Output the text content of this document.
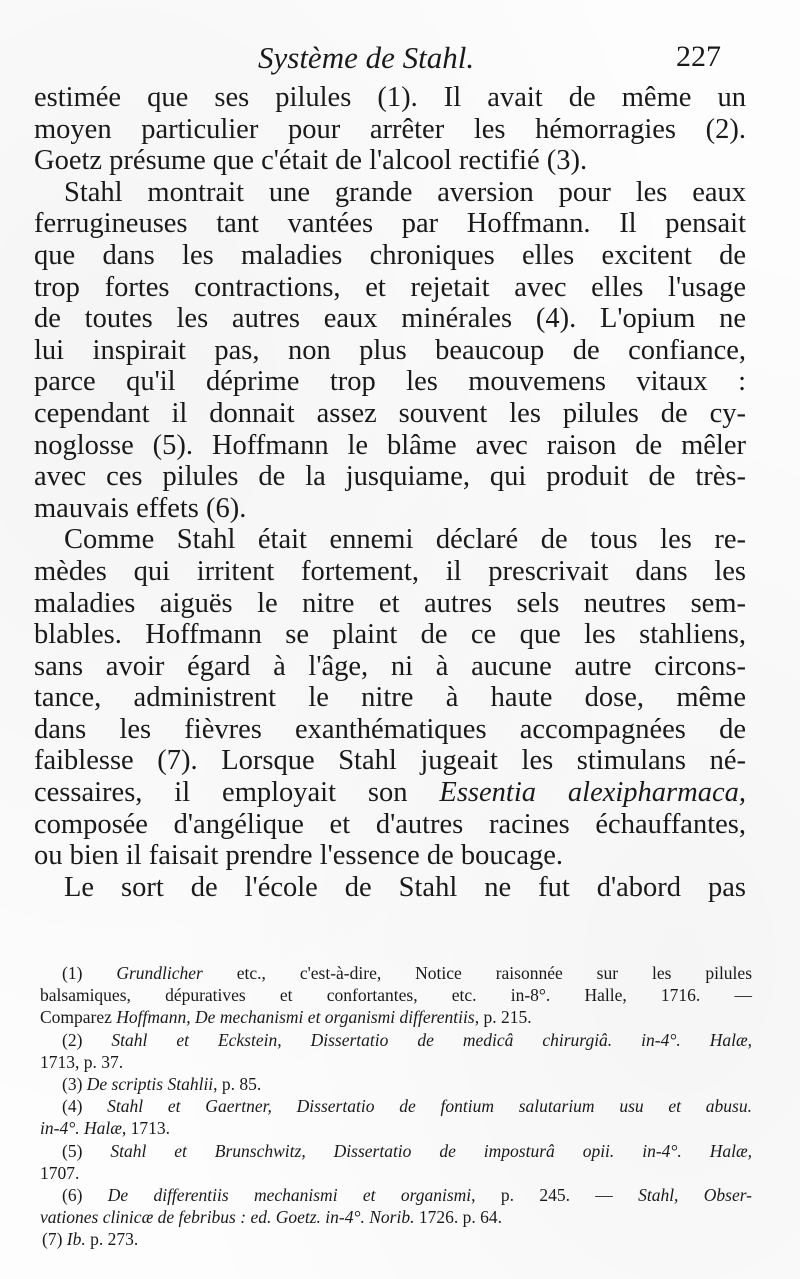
Système de Stahl.	227
estimée que ses pilules (1). Il avait de même un
moyen particulier pour arrêter les hémorragies (2).
Goetz présume que c'était de l'alcool rectifié (3).
Stahl montrait une grande aversion pour les eaux
ferrugineuses tant vantées par Hoffmann. Il pensait
que dans les maladies chroniques elles excitent de
trop fortes contractions, et rejetait avec elles l'usage
de toutes les autres eaux minérales (4). L'opium ne
lui inspirait pas, non plus beaucoup de confiance,
parce qu'il déprime trop les mouvemens vitaux :
cependant il donnait assez souvent les pilules de cy-
noglosse (5). Hoffmann le blâme avec raison de mêler
avec ces pilules de la jusquiame, qui produit de très-
mauvais effets (6).
Comme Stahl était ennemi déclaré de tous les re-
mèdes qui irritent fortement, il prescrivait dans les
maladies aiguës le nitre et autres sels neutres sem-
blables. Hoffmann se plaint de ce que les stahliens,
sans avoir égard à l'âge, ni à aucune autre circons-
tance, administrent le nitre à haute dose, même
dans les fièvres exanthématiques accompagnées de
faiblesse (7). Lorsque Stahl jugeait les stimulans né-
cessaires, il employait son Essentia alexipharmaca,
composée d'angélique et d'autres racines échauffantes,
ou bien il faisait prendre l'essence de boucage.
Le sort de l'école de Stahl ne fut d'abord pas
(1) Grundlicher etc., c'est-à-dire, Notice raisonnée sur les pilules
balsamiques, dépuratives et confortantes, etc. in-8°. Halle, 1716. —
Comparez Hoffmann, De mechanismi et organismi differentiis, p. 215.
(2) Stahl et Eckstein, Dissertatio de medicâ chirurgiâ. in-4°. Halæ,
1713, p. 37.
(3) De scriptis Stahlii, p. 85.
(4) Stahl et Gaertner, Dissertatio de fontium salutarium usu et abusu.
in-4°. Halæ, 1713.
(5) Stahl et Brunschwitz, Dissertatio de imposturâ opii. in-4°. Halæ,
1707.
(6) De differentiis mechanismi et organismi, p. 245. — Stahl, Obser-
vationes clinicæ de febribus : ed. Goetz. in-4°. Norib. 1726. p. 64.
(7) Ib. p. 273.
